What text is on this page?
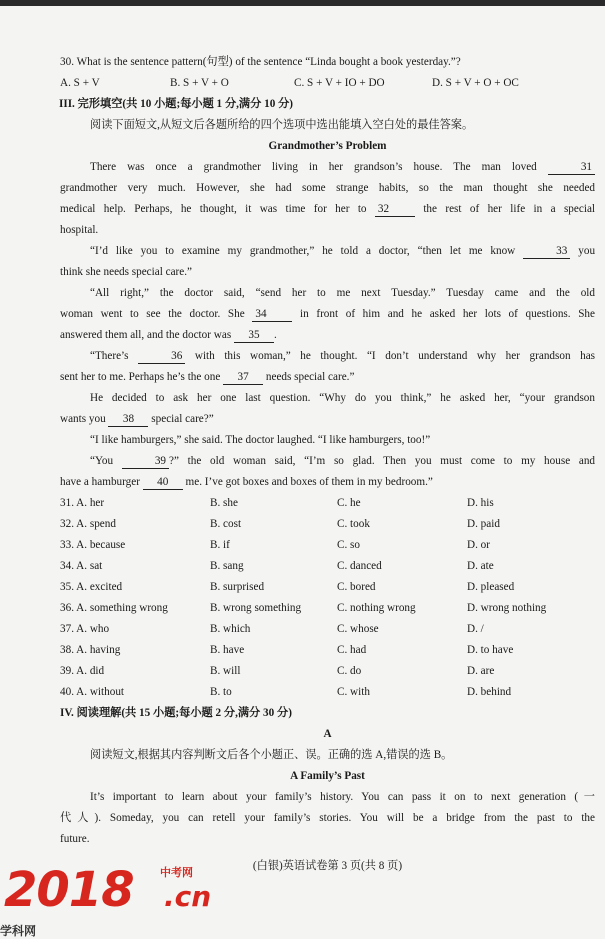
30. What is the sentence pattern(句型) of the sentence “Linda bought a book yesterday.”?
A. S + V	B. S + V + O	C. S + V + IO + DO	D. S + V + O + OC
III. 完形填空(共 10 小题;每小题 1 分,满分 10 分)
阅读下面短文,从短文后各题所给的四个选项中选出能填入空白处的最佳答案。
Grandmother’s Problem
There was once a grandmother living in her grandson’s house. The man loved	31
grandmother very much. However, she had some strange habits, so the man thought she needed
medical help. Perhaps, he thought, it was time for her to 32	the rest of her life in a special
hospital.
“I’d like you to examine my grandmother,” he told a doctor, “then let me know	33 you
think she needs special care.”
“All right,” the doctor said, “send her to me next Tuesday.” Tuesday came and the old
woman went to see the doctor. She 34	in front of him and he asked her lots of questions. She
answered them all, and the doctor was 35 .
“There’s	36 with this woman,” he thought. “I don’t understand why her grandson has
sent her to me. Perhaps he’s the one 37 needs special care.”
He decided to ask her one last question. “Why do you think,” he asked her, “your grandson
wants you 38 special care?”
“I like hamburgers,” she said. The doctor laughed. “I like hamburgers, too!”
“You	39 ?” the old woman said, “I’m so glad. Then you must come to my house and
have a hamburger 40 me. I’ve got boxes and boxes of them in my bedroom.”
31. A. her	B. she	C. he	D. his
32. A. spend	B. cost	C. took	D. paid
33. A. because	B. if	C. so	D. or
34. A. sat	B. sang	C. danced	D. ate
35. A. excited	B. surprised	C. bored	D. pleased
36. A. something wrong	B. wrong something	C. nothing wrong	D. wrong nothing
37. A. who	B. which	C. whose	D. /
38. A. having	B. have	C. had	D. to have
39. A. did	B. will	C. do	D. are
40. A. without	B. to	C. with	D. behind
IV. 阅读理解(共 15 小题;每小题 2 分,满分 30 分)
A
阅读短文,根据其内容判断文后各个小题正、误。正确的选 A,错误的选 B。
A Family’s Past
It’s important to learn about your family’s history. You can pass it on to next generation (一
代人). Someday, you can retell your family’s stories. You will be a bridge from the past to the
future.
(白银)英语试卷第 3 页(共 8 页)
2018 中考网
.cn
学科网
